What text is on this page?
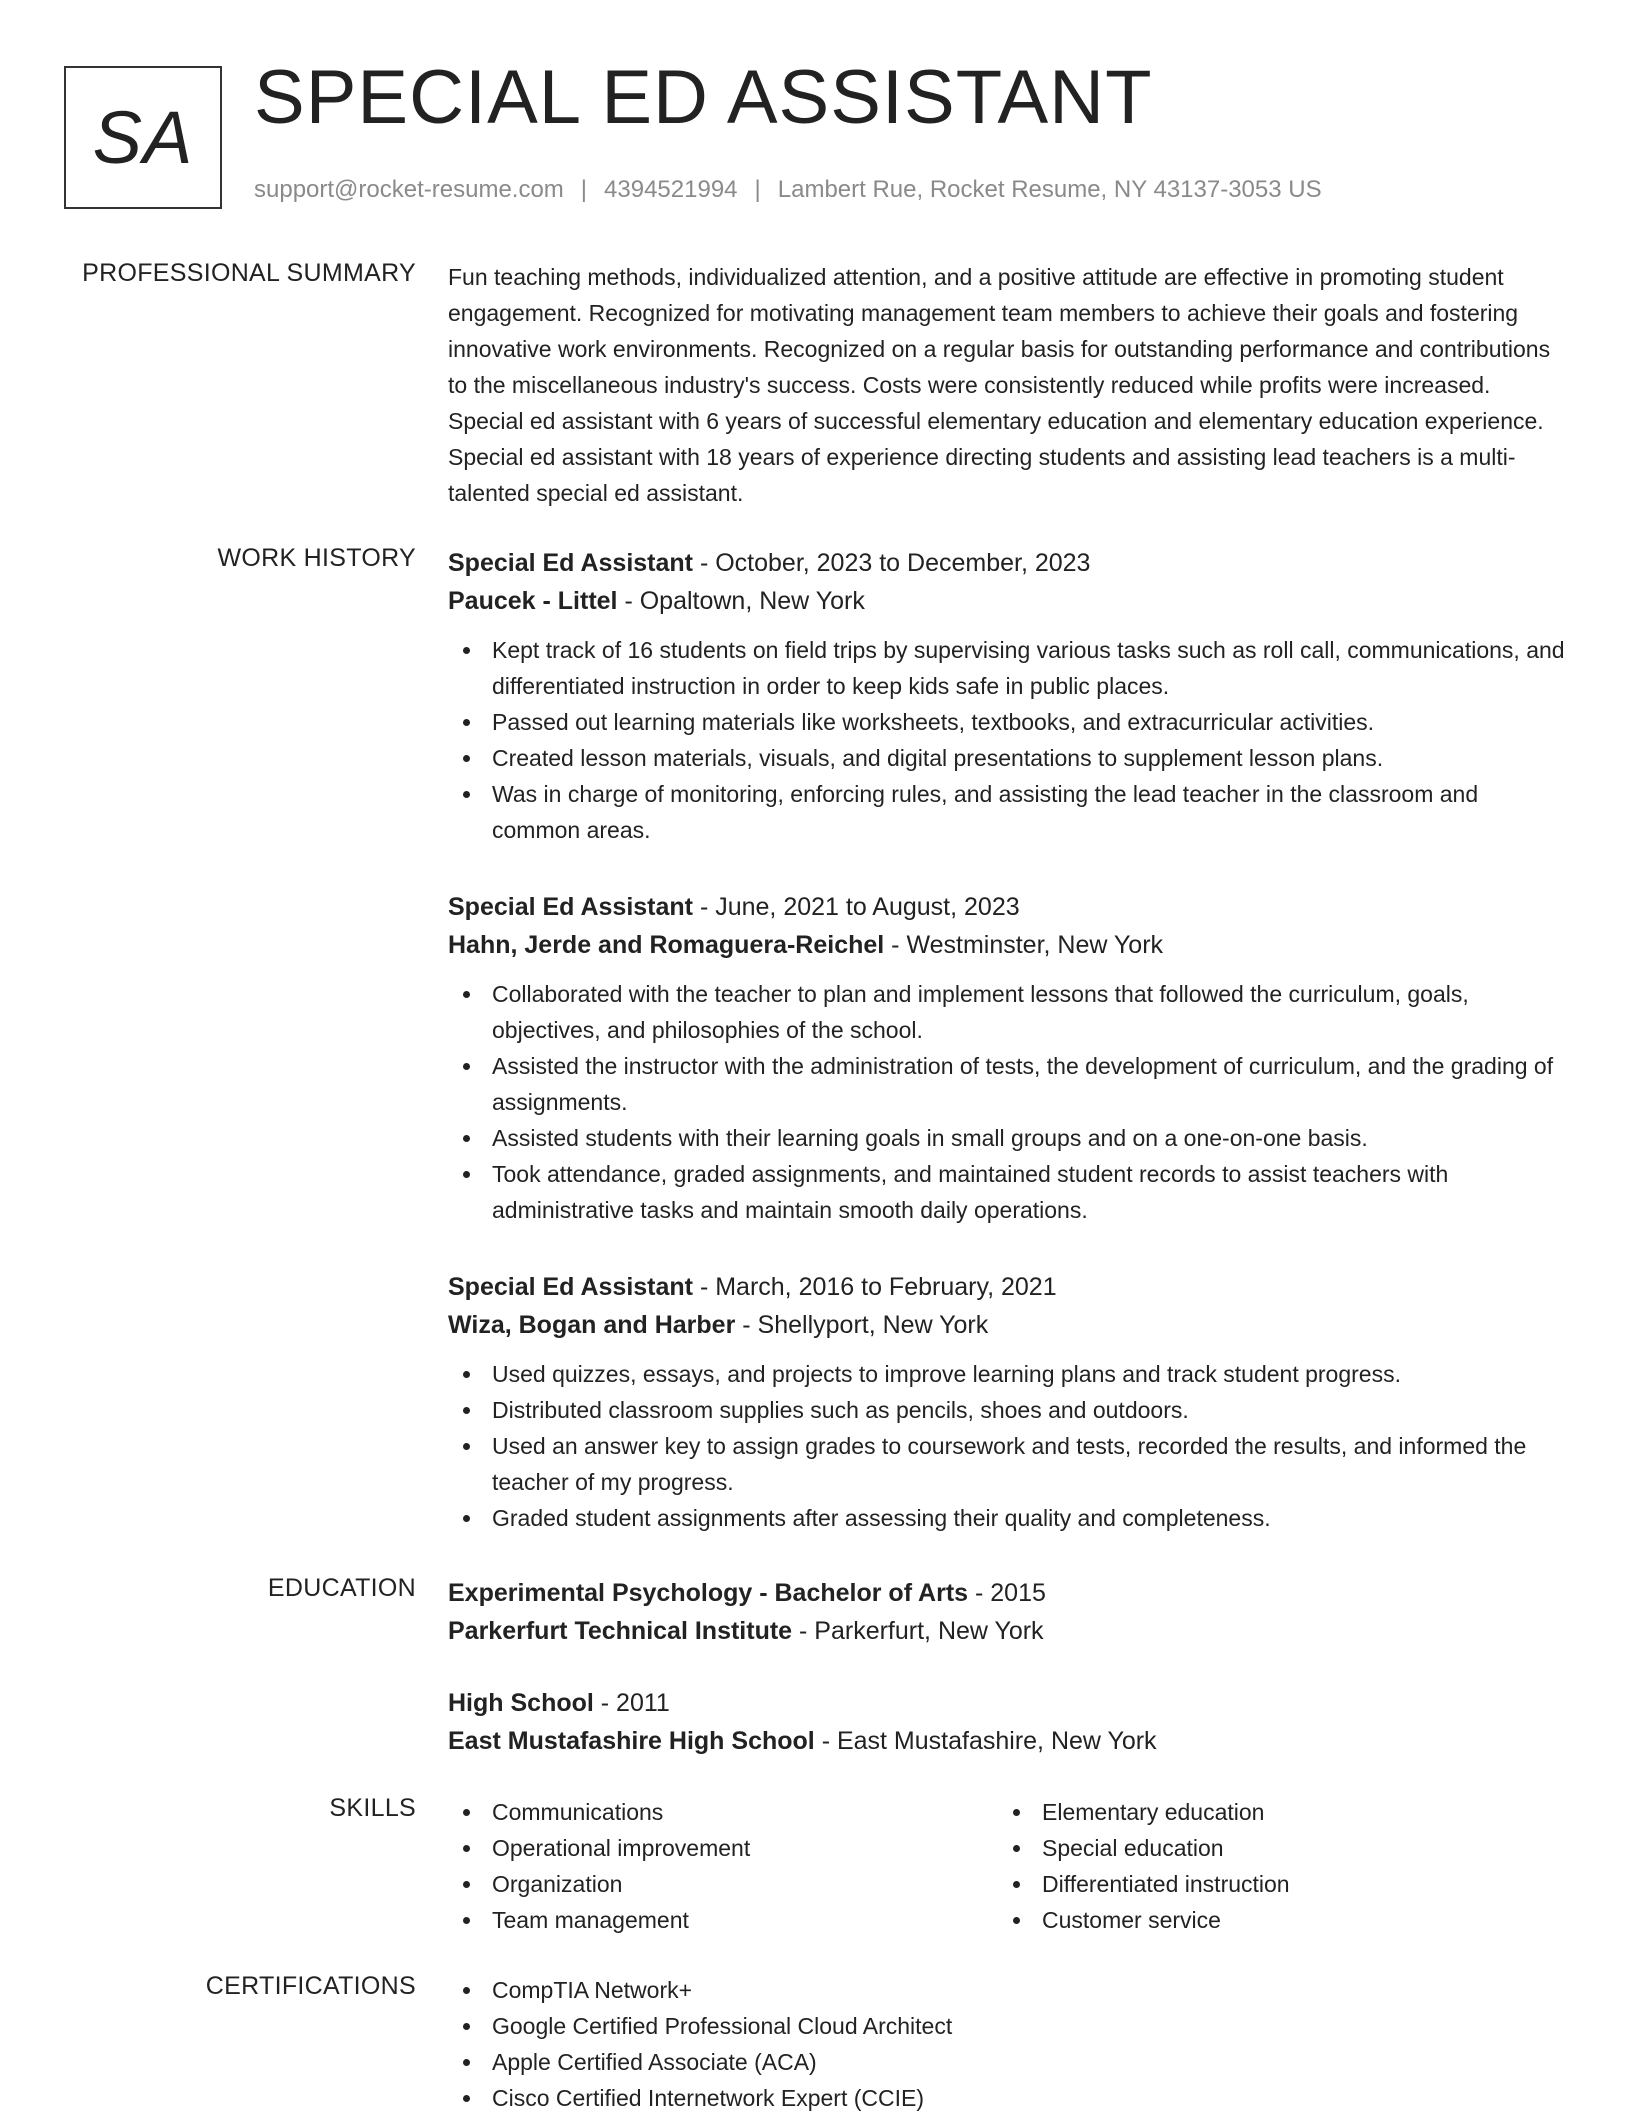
SA SPECIAL ED ASSISTANT
support@rocket-resume.com | 4394521994 | Lambert Rue, Rocket Resume, NY 43137-3053 US
PROFESSIONAL SUMMARY Fun teaching methods, individualized attention, and a positive attitude are effective in promoting student engagement. Recognized for motivating management team members to achieve their goals and fostering innovative work environments. Recognized on a regular basis for outstanding performance and contributions to the miscellaneous industry's success. Costs were consistently reduced while profits were increased. Special ed assistant with 6 years of successful elementary education and elementary education experience. Special ed assistant with 18 years of experience directing students and assisting lead teachers is a multi-talented special ed assistant.

WORK HISTORY Special Ed Assistant - October, 2023 to December, 2023
Paucek - Littel - Opaltown, New York
Kept track of 16 students on field trips by supervising various tasks such as roll call, communications, and differentiated instruction in order to keep kids safe in public places.
Passed out learning materials like worksheets, textbooks, and extracurricular activities.
Created lesson materials, visuals, and digital presentations to supplement lesson plans.
Was in charge of monitoring, enforcing rules, and assisting the lead teacher in the classroom and common areas.
Special Ed Assistant - June, 2021 to August, 2023
Hahn, Jerde and Romaguera-Reichel - Westminster, New York
Collaborated with the teacher to plan and implement lessons that followed the curriculum, goals, objectives, and philosophies of the school.
Assisted the instructor with the administration of tests, the development of curriculum, and the grading of assignments.
Assisted students with their learning goals in small groups and on a one-on-one basis.
Took attendance, graded assignments, and maintained student records to assist teachers with administrative tasks and maintain smooth daily operations.
Special Ed Assistant - March, 2016 to February, 2021
Wiza, Bogan and Harber - Shellyport, New York
Used quizzes, essays, and projects to improve learning plans and track student progress.
Distributed classroom supplies such as pencils, shoes and outdoors.
Used an answer key to assign grades to coursework and tests, recorded the results, and informed the teacher of my progress.
Graded student assignments after assessing their quality and completeness.
EDUCATION Experimental Psychology - Bachelor of Arts - 2015
Parkerfurt Technical Institute - Parkerfurt, New York
High School - 2011
East Mustafashire High School - East Mustafashire, New York
SKILLS	Communications
Operational improvement
Organization
Team management
Elementary education
Special education
Differentiated instruction
Customer service
CERTIFICATIONS	CompTIA Network+
Google Certified Professional Cloud Architect
Apple Certified Associate (ACA)
Cisco Certified Internetwork Expert (CCIE)
